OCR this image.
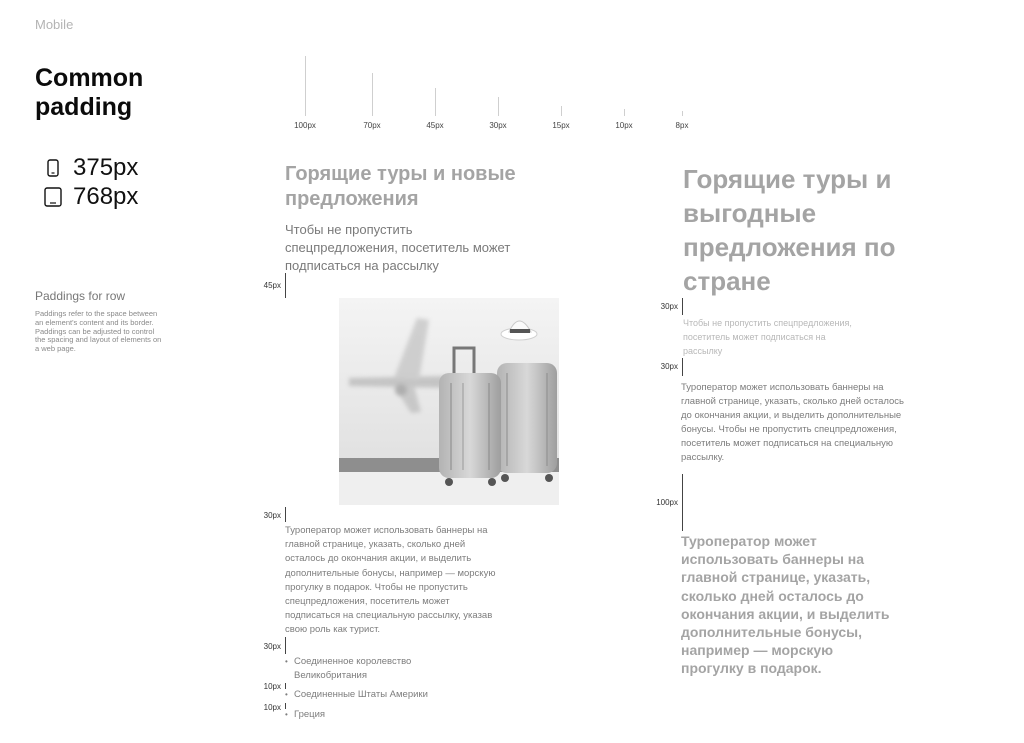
Mobile
Common padding
375px
768px
Paddings for row
Paddings refer to the space between an element's content and its border. Paddings can be adjusted to control the spacing and layout of elements on a web page.
100px	70px	45px	30px	15px	10px	8px
Горящие туры и новые предложения
Чтобы не пропустить спецпредложения, посетитель может подписаться на рассылку
45px
30px
Туроператор может использовать баннеры на главной странице, указать, сколько дней осталось до окончания акции, и выделить дополнительные бонусы, например — морскую прогулку в подарок. Чтобы не пропустить спецпредложения, посетитель может подписаться на специальную рассылку, указав свою роль как турист.
30px
• Соединенное королевство Великобритания
10px
• Соединенные Штаты Америки
10px
• Греция
Горящие туры и выгодные предложения по стране
30px
Чтобы не пропустить спецпредложения, посетитель может подписаться на рассылку
30px
Туроператор может использовать баннеры на главной странице, указать, сколько дней осталось до окончания акции, и выделить дополнительные бонусы. Чтобы не пропустить спецпредложения, посетитель может подписаться на специальную рассылку.
100px
Туроператор может использовать баннеры на главной странице, указать, сколько дней осталось до окончания акции, и выделить дополнительные бонусы, например — морскую прогулку в подарок.
